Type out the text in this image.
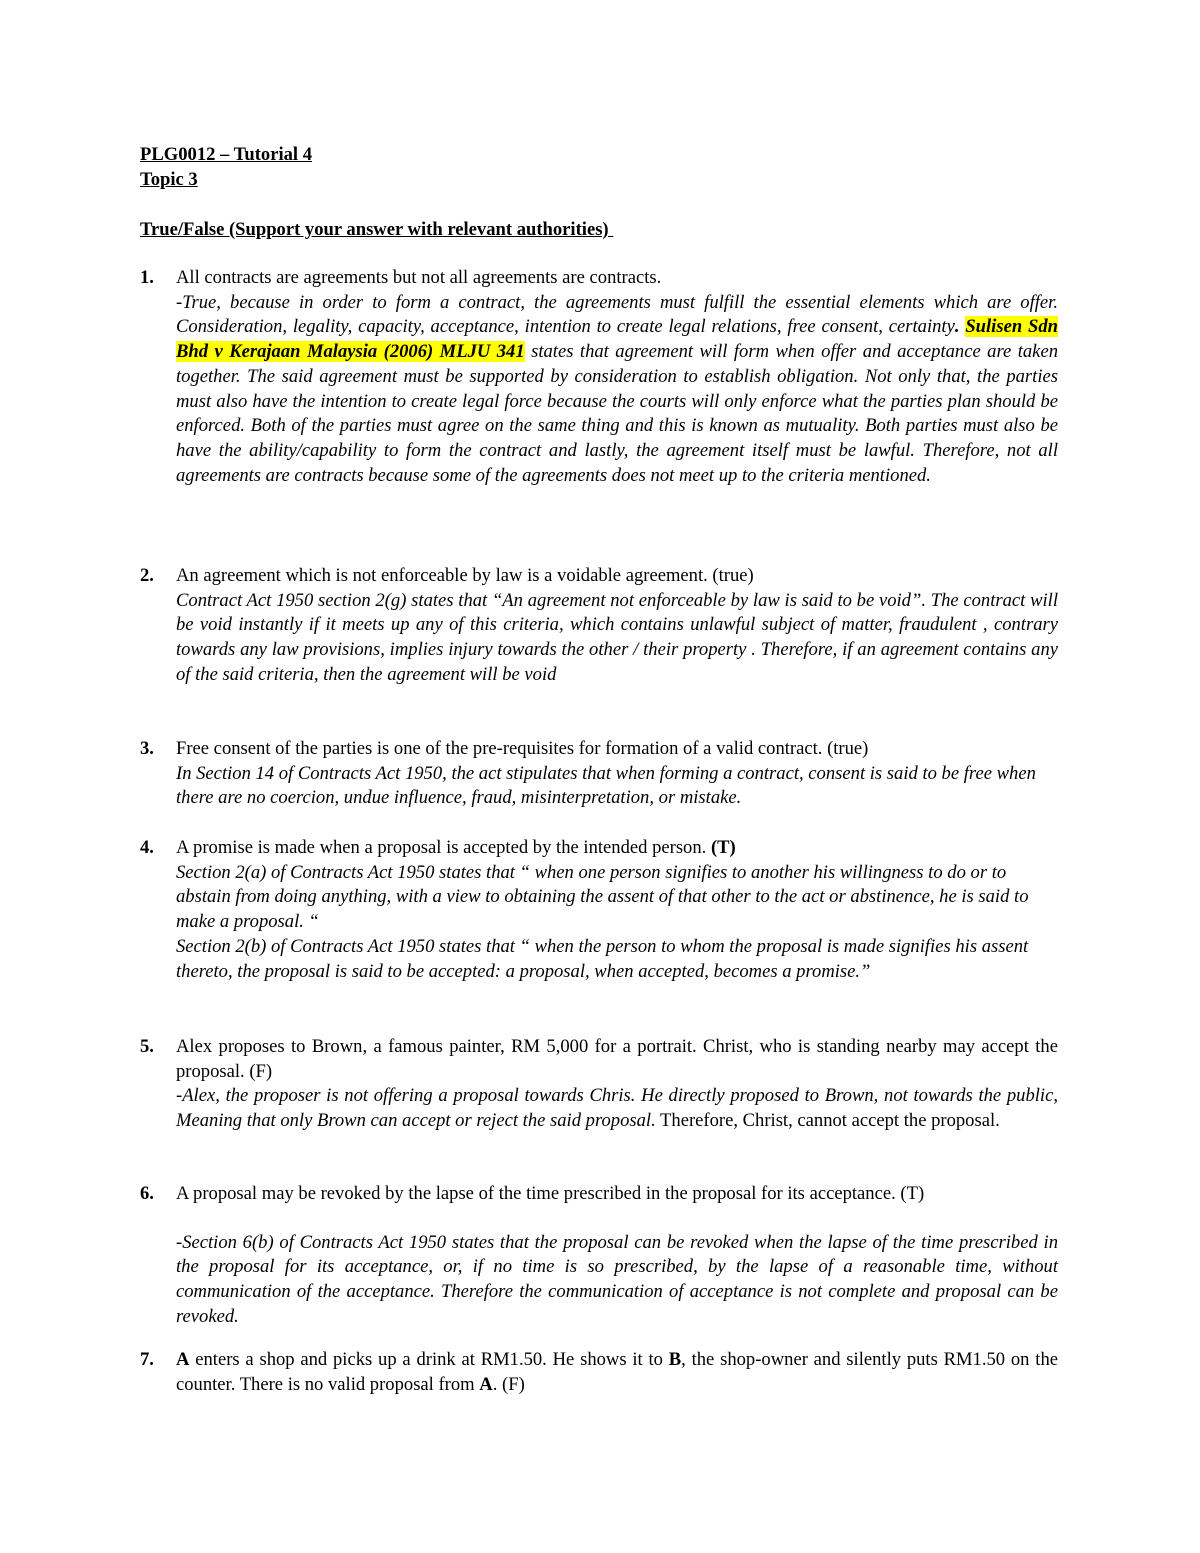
PLG0012 – Tutorial 4
Topic 3
True/False (Support your answer with relevant authorities)
1. All contracts are agreements but not all agreements are contracts.
-True, because in order to form a contract, the agreements must fulfill the essential elements which are offer. Consideration, legality, capacity, acceptance, intention to create legal relations, free consent, certainty. Sulisen Sdn Bhd v Kerajaan Malaysia (2006) MLJU 341 states that agreement will form when offer and acceptance are taken together. The said agreement must be supported by consideration to establish obligation. Not only that, the parties must also have the intention to create legal force because the courts will only enforce what the parties plan should be enforced. Both of the parties must agree on the same thing and this is known as mutuality. Both parties must also be have the ability/capability to form the contract and lastly, the agreement itself must be lawful. Therefore, not all agreements are contracts because some of the agreements does not meet up to the criteria mentioned.
2. An agreement which is not enforceable by law is a voidable agreement. (true)
Contract Act 1950 section 2(g) states that “An agreement not enforceable by law is said to be void”. The contract will be void instantly if it meets up any of this criteria, which contains unlawful subject of matter, fraudulent , contrary towards any law provisions, implies injury towards the other / their property . Therefore, if an agreement contains any of the said criteria, then the agreement will be void
3. Free consent of the parties is one of the pre-requisites for formation of a valid contract. (true)
In Section 14 of Contracts Act 1950, the act stipulates that when forming a contract, consent is said to be free when there are no coercion, undue influence, fraud, misinterpretation, or mistake.
4. A promise is made when a proposal is accepted by the intended person. (T)
Section 2(a) of Contracts Act 1950 states that “ when one person signifies to another his willingness to do or to abstain from doing anything, with a view to obtaining the assent of that other to the act or abstinence, he is said to make a proposal. “
Section 2(b) of Contracts Act 1950 states that “ when the person to whom the proposal is made signifies his assent thereto, the proposal is said to be accepted: a proposal, when accepted, becomes a promise.”
5. Alex proposes to Brown, a famous painter, RM 5,000 for a portrait. Christ, who is standing nearby may accept the proposal. (F)
-Alex, the proposer is not offering a proposal towards Chris. He directly proposed to Brown, not towards the public, Meaning that only Brown can accept or reject the said proposal. Therefore, Christ, cannot accept the proposal.
6. A proposal may be revoked by the lapse of the time prescribed in the proposal for its acceptance. (T)
-Section 6(b) of Contracts Act 1950 states that the proposal can be revoked when the lapse of the time prescribed in the proposal for its acceptance, or, if no time is so prescribed, by the lapse of a reasonable time, without communication of the acceptance. Therefore the communication of acceptance is not complete and proposal can be revoked.
7. A enters a shop and picks up a drink at RM1.50. He shows it to B, the shop-owner and silently puts RM1.50 on the counter. There is no valid proposal from A. (F)
